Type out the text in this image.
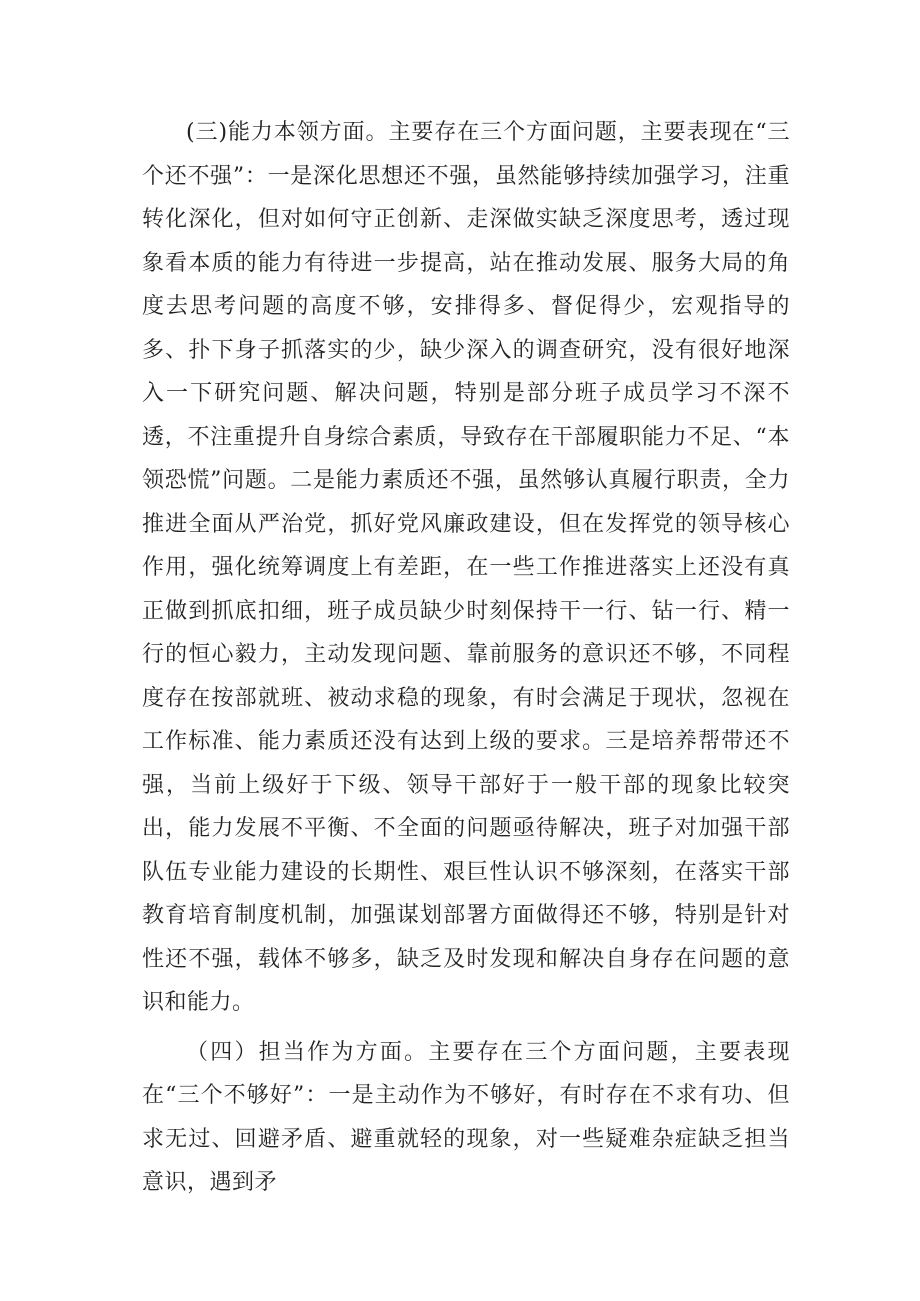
(三)能力本领方面。主要存在三个方面问题，主要表现在“三个还不强”：一是深化思想还不强，虽然能够持续加强学习，注重转化深化，但对如何守正创新、走深做实缺乏深度思考，透过现象看本质的能力有待进一步提高，站在推动发展、服务大局的角度去思考问题的高度不够，安排得多、督促得少，宏观指导的多、扑下身子抓落实的少，缺少深入的调查研究，没有很好地深入一下研究问题、解决问题，特别是部分班子成员学习不深不透，不注重提升自身综合素质，导致存在干部履职能力不足、“本领恐慌”问题。二是能力素质还不强，虽然够认真履行职责，全力推进全面从严治党，抓好党风廉政建设，但在发挥党的领导核心作用，强化统筹调度上有差距，在一些工作推进落实上还没有真正做到抓底扣细，班子成员缺少时刻保持干一行、钻一行、精一行的恒心毅力，主动发现问题、靠前服务的意识还不够，不同程度存在按部就班、被动求稳的现象，有时会满足于现状，忽视在工作标准、能力素质还没有达到上级的要求。三是培养帮带还不强，当前上级好于下级、领导干部好于一般干部的现象比较突出，能力发展不平衡、不全面的问题亟待解决，班子对加强干部队伍专业能力建设的长期性、艰巨性认识不够深刻，在落实干部教育培育制度机制，加强谋划部署方面做得还不够，特别是针对性还不强，载体不够多，缺乏及时发现和解决自身存在问题的意识和能力。

（四）担当作为方面。主要存在三个方面问题，主要表现在“三个不够好”：一是主动作为不够好，有时存在不求有功、但求无过、回避矛盾、避重就轻的现象，对一些疑难杂症缺乏担当意识，遇到矛
